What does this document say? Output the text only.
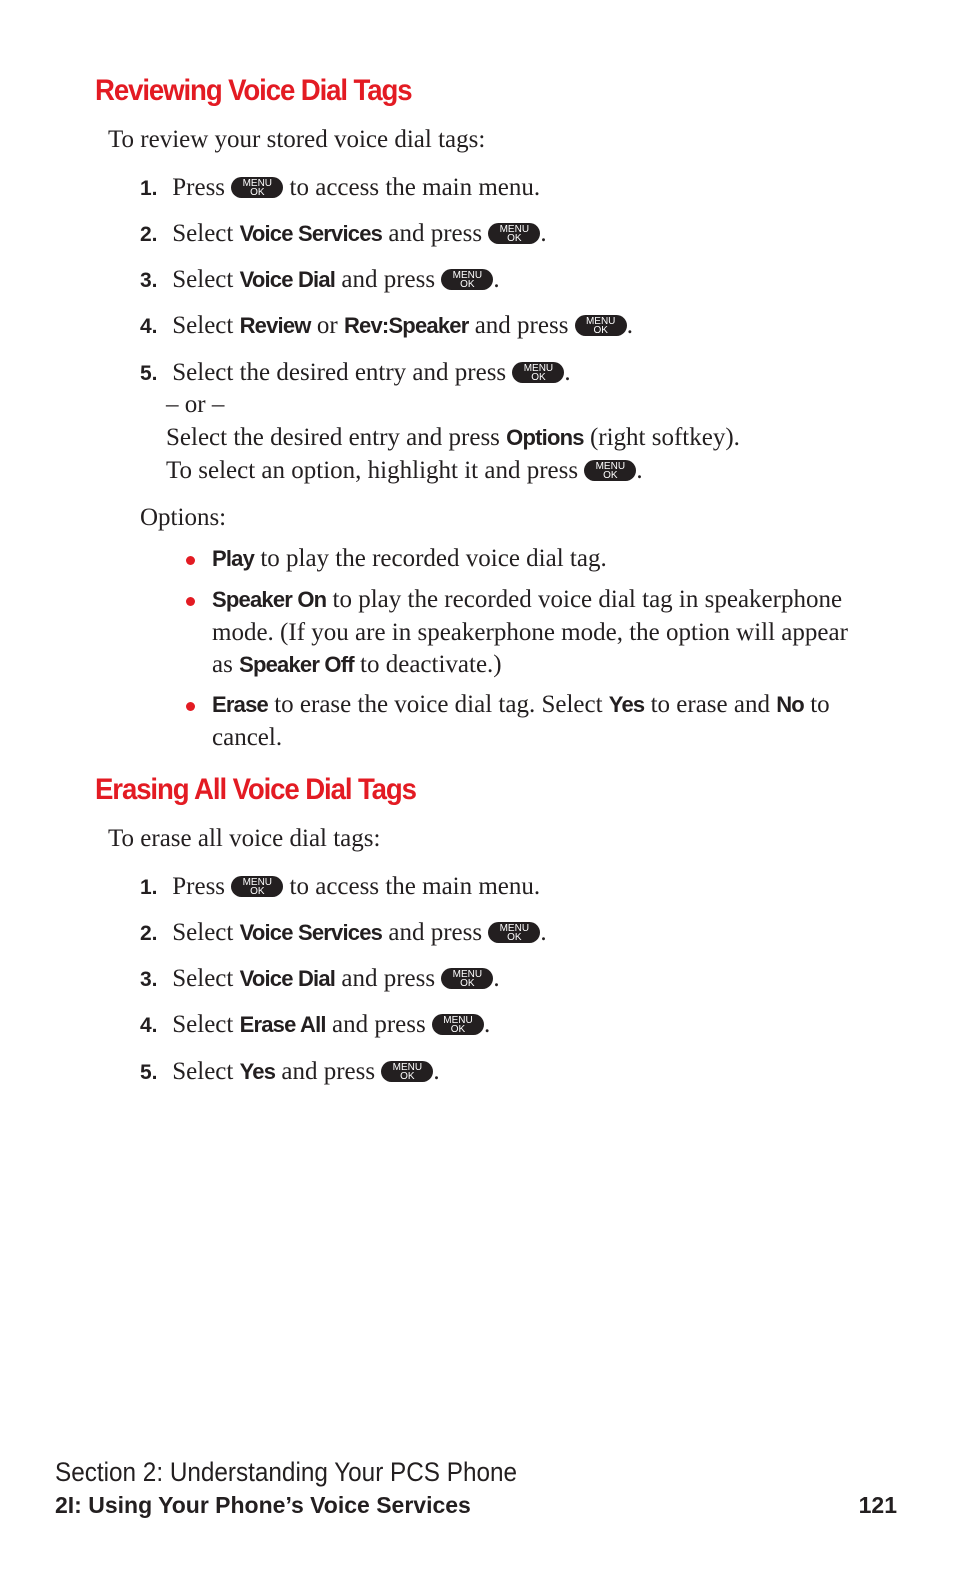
Reviewing Voice Dial Tags
To review your stored voice dial tags:
1. Press	MENU
OK	to access the main menu.
2. Select Voice Services and press	MENU
OK .
3. Select Voice Dial and press	MENU
OK .
4. Select Review or Rev:Speaker and press	MENU
OK .
5. Select the desired entry and press	MENU
OK .
– or –
Select the desired entry and press Options (right softkey).
To select an option, highlight it and press	MENU
OK .
Options:
Play to play the recorded voice dial tag.
Speaker On to play the recorded voice dial tag in speakerphone mode. (If you are in speakerphone mode, the option will appear as Speaker Off to deactivate.)
Erase to erase the voice dial tag. Select Yes to erase and No to cancel.
Erasing All Voice Dial Tags
To erase all voice dial tags:
1. Press	MENU
OK	to access the main menu.
2. Select Voice Services and press	MENU
OK .
3. Select Voice Dial and press	MENU
OK .
4. Select Erase All and press	MENU
OK .
5. Select Yes and press	MENU
OK .
Section 2: Understanding Your PCS Phone
2I: Using Your Phone’s Voice Services	121
